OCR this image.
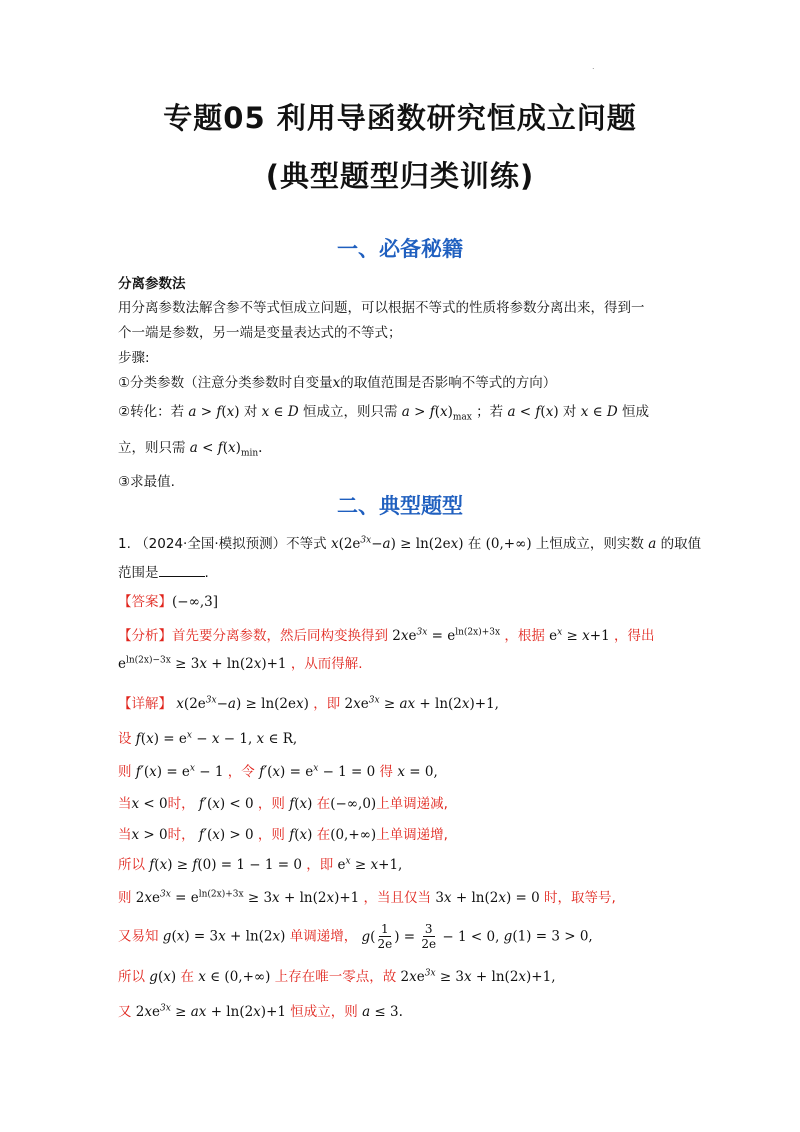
.
专题05 利用导函数研究恒成立问题
(典型题型归类训练)
一、必备秘籍
分离参数法
用分离参数法解含参不等式恒成立问题，可以根据不等式的性质将参数分离出来，得到一
个一端是参数，另一端是变量表达式的不等式；
步骤:
①分类参数（注意分类参数时自变量x的取值范围是否影响不等式的方向）
②转化：若 a > f(x) 对 x ∈ D 恒成立，则只需 $a > f(x)_{max}$ ；若 a < f(x) 对 x ∈ D 恒成
立，则只需 $a < f(x)_{min}$.
③求最值.
二、典型题型
1. （2024·全国·模拟预测）不等式 $x(2e^{3x}-a) \ge \ln(2ex)$ 在 (0,+∞) 上恒成立，则实数 a 的取值
范围是	.
【答案】(−∞,3]
【分析】首先要分离参数，然后同构变换得到 $2xe^{3x} = e^{ln(2x)+3x}$ ，根据 $e^x \ge x+1$ ，得出
$e^{ln(2x)-3x} \ge 3x + \ln(2x)+1$ ，从而得解.
【详解】 $x(2e^{3x}-a) \ge \ln(2ex)$ ，即 $2xe^{3x}$ ≥ ax + ln(2x)+1,
设 $f(x) = e^x - x - 1$, x ∈ R,
则 $f'(x) = e^x - 1$ ，令 $f'(x) = e^x - 1 = 0$ 得 x = 0,
当x < 0时， f′(x) < 0 ，则 f(x) 在(−∞,0)上单调递减,
当x > 0时， f′(x) > 0 ，则 f(x) 在(0,+∞)上单调递增,
所以 f(x) ≥ f(0) = 1 − 1 = 0 ，即 $e^x \ge x+1$,
则 $2xe^{3x} = e^{ln(2x)+3x} \ge 3x + \ln(2x)+1$ ，当且仅当 3x + ln(2x) = 0 时，取等号,
又易知 g(x) = 3x + ln(2x) 单调递增， $g( \frac{1}{2e}$ ) = $\frac{3}{2e} - 1 < 0$, g(1) = 3 > 0,
所以 g(x) 在 x ∈ (0,+∞) 上存在唯一零点，故 $2xe^{3x} \ge 3x + \ln(2x)+1$,
又 $2xe^{3x}$ ≥ ax + ln(2x)+1 恒成立，则 a ≤ 3.
